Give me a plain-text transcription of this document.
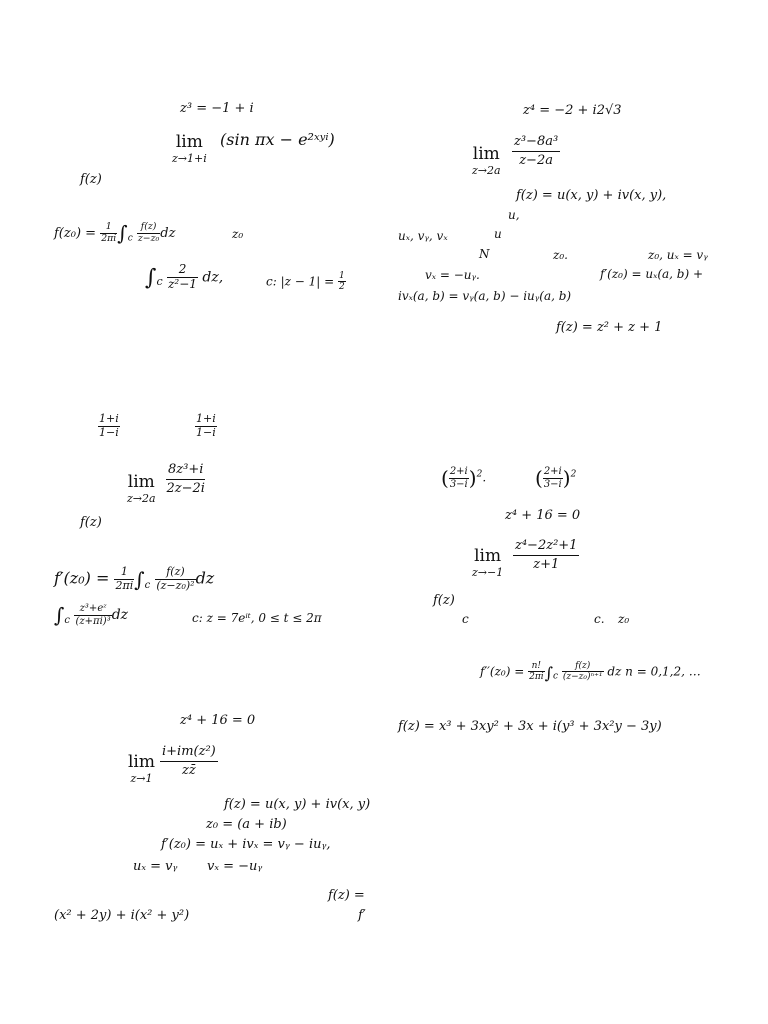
z³ = −1 + i
lim
z→1+i
(sin πx − e²ˣʸⁱ)
f(z)
$f(z_0) = \frac{1}{2\pi i} \int_c \frac{f(z)}{\text{z−z₀}}$ dz	z₀
$\int_c \frac{2}{\text{z²−1}}$ dz,	c: $|z - 1| = \frac{1}{2}$
$\frac{1+i}{1-i}$	$\frac{1+i}{1-i}$
lim
z→2a
$\frac{\text{8z³+i}}{2z-2i}$
f(z)
$f'(z_0) = \frac{1}{2\pi i} \int_c \frac{f(z)}{\text{(z−z₀)²}}$ dz
$\int_c \frac{\text{z³+eᶻ}}{\text{(z+πi)³}}$ dz	c: z = 7eⁱᵗ, 0 ≤ t ≤ 2π
z⁴ + 16 = 0
lim
z→1
$\frac{\text{i+im(z²)}}{zz̄}$
f(z) = u(x, y) + iv(x, y)
z₀ = (a + ib)
f′(z₀) = uₓ + ivₓ = vᵧ − iuᵧ,
uₓ = vᵧ vₓ = −uᵧ
f(z) =
(x² + 2y) + i(x² + y²)	f′
z⁴ = −2 + i2√3
lim
z→2a
$\frac{\text{z³−8a³}}{z-2a}$
f(z) = u(x, y) + iv(x, y),
u,
uₓ, vᵧ, vₓ	u
N	z₀.	z₀, uₓ = vᵧ
vₓ = −uᵧ.	f′(z₀) = uₓ(a, b) +
ivₓ(a, b) = vᵧ(a, b) − iuᵧ(a, b)
f(z) = z² + z + 1
( $\frac{2+i}{3-i} )^2$. ( $\frac{2+i}{3-i} )^2$
z⁴ + 16 = 0
lim
z→−1
$\frac{\text{z⁴−2z²+1}}{z+1}$
f(z)
c	c. z₀
$f''(z_0) = \frac{n!}{2\pi i} \int_c \frac{f(z)}{\text{(z−z₀)ⁿ⁺¹}}$ dz n = 0,1,2, …
f(z) = x³ + 3xy² + 3x + i(y³ + 3x²y − 3y)
